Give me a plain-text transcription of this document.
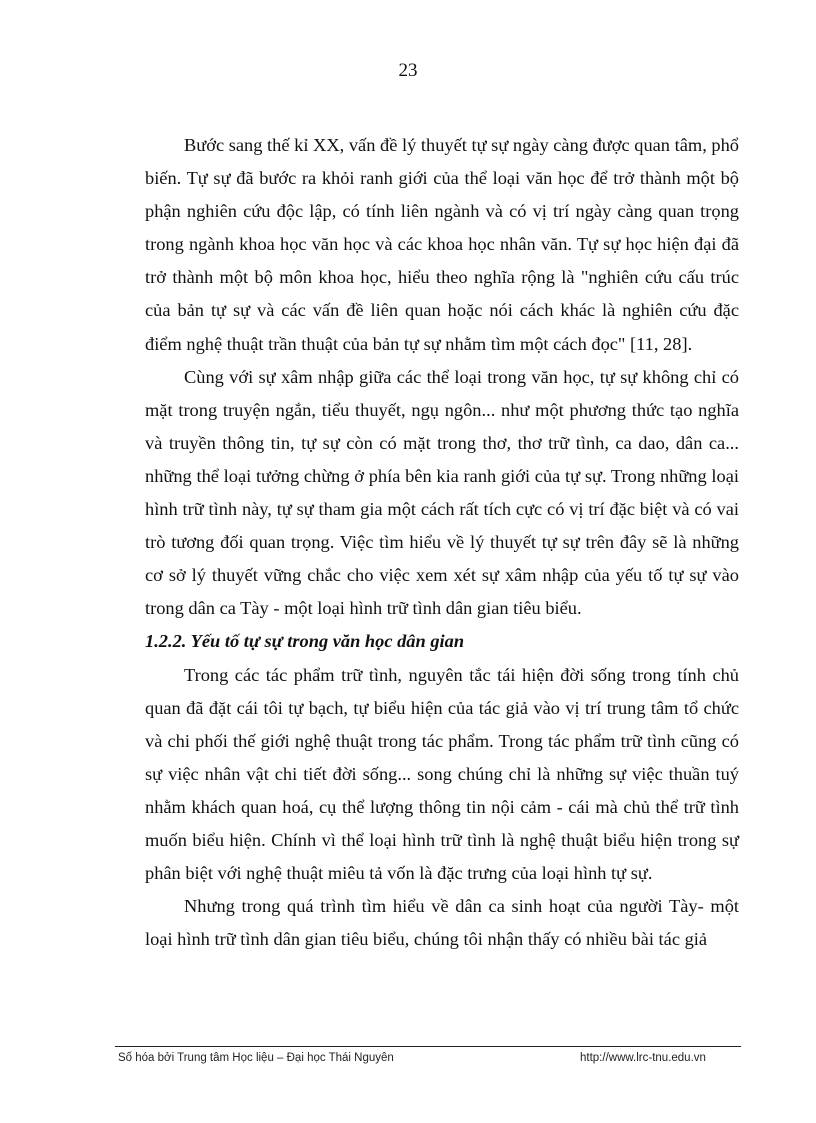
23

Bước sang thế kỉ XX, vấn đề lý thuyết tự sự ngày càng được quan tâm, phổ biến. Tự sự đã bước ra khỏi ranh giới của thể loại văn học để trở thành một bộ phận nghiên cứu độc lập, có tính liên ngành và có vị trí ngày càng quan trọng trong ngành khoa học văn học và các khoa học nhân văn. Tự sự học hiện đại đã trở thành một bộ môn khoa học, hiểu theo nghĩa rộng là "nghiên cứu cấu trúc của bản tự sự và các vấn đề liên quan hoặc nói cách khác là nghiên cứu đặc điểm nghệ thuật trần thuật của bản tự sự nhằm tìm một cách đọc" [11, 28].

Cùng với sự xâm nhập giữa các thể loại trong văn học, tự sự không chỉ có mặt trong truyện ngắn, tiểu thuyết, ngụ ngôn... như một phương thức tạo nghĩa và truyền thông tin, tự sự còn có mặt trong thơ, thơ trữ tình, ca dao, dân ca... những thể loại tưởng chừng ở phía bên kia ranh giới của tự sự. Trong những loại hình trữ tình này, tự sự tham gia một cách rất tích cực có vị trí đặc biệt và có vai trò tương đối quan trọng. Việc tìm hiểu về lý thuyết tự sự trên đây sẽ là những cơ sở lý thuyết vững chắc cho việc xem xét sự xâm nhập của yếu tố tự sự vào trong dân ca Tày - một loại hình trữ tình dân gian tiêu biểu.

1.2.2. Yếu tố tự sự trong văn học dân gian

Trong các tác phẩm trữ tình, nguyên tắc tái hiện đời sống trong tính chủ quan đã đặt cái tôi tự bạch, tự biểu hiện của tác giả vào vị trí trung tâm tổ chức và chi phối thế giới nghệ thuật trong tác phẩm. Trong tác phẩm trữ tình cũng có sự việc nhân vật chi tiết đời sống... song chúng chỉ là những sự việc thuần tuý nhằm khách quan hoá, cụ thể lượng thông tin nội cảm - cái mà chủ thể trữ tình muốn biểu hiện. Chính vì thể loại hình trữ tình là nghệ thuật biểu hiện trong sự phân biệt với nghệ thuật miêu tả vốn là đặc trưng của loại hình tự sự.

Nhưng trong quá trình tìm hiểu về dân ca sinh hoạt của người Tày- một loại hình trữ tình dân gian tiêu biểu, chúng tôi nhận thấy có nhiều bài tác giả

Số hóa bởi Trung tâm Học liệu – Đại học Thái Nguyên	http://www.lrc-tnu.edu.vn
